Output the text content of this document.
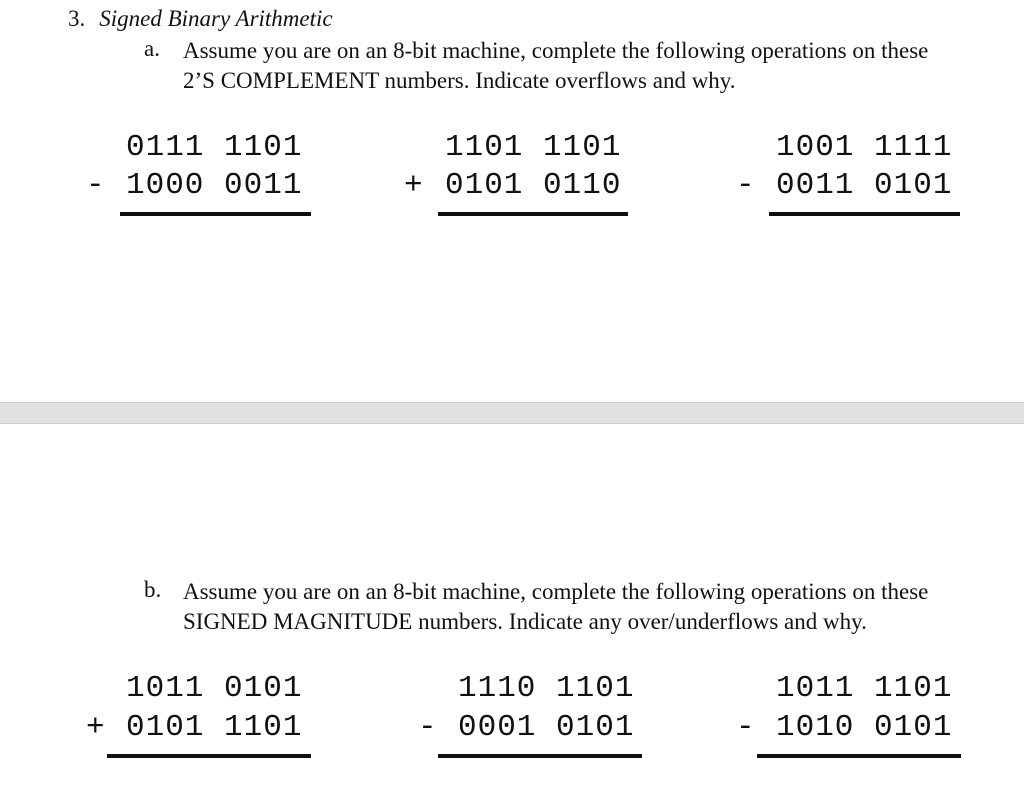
3. Signed Binary Arithmetic
a. Assume you are on an 8-bit machine, complete the following operations on these 2’S COMPLEMENT numbers. Indicate overflows and why.
0111 1101
- 1000 0011
1101 1101
+ 0101 0110
1001 1111
- 0011 0101
b. Assume you are on an 8-bit machine, complete the following operations on these SIGNED MAGNITUDE numbers. Indicate any over/underflows and why.
1011 0101
+ 0101 1101
1110 1101
- 0001 0101
1011 1101
- 1010 0101
